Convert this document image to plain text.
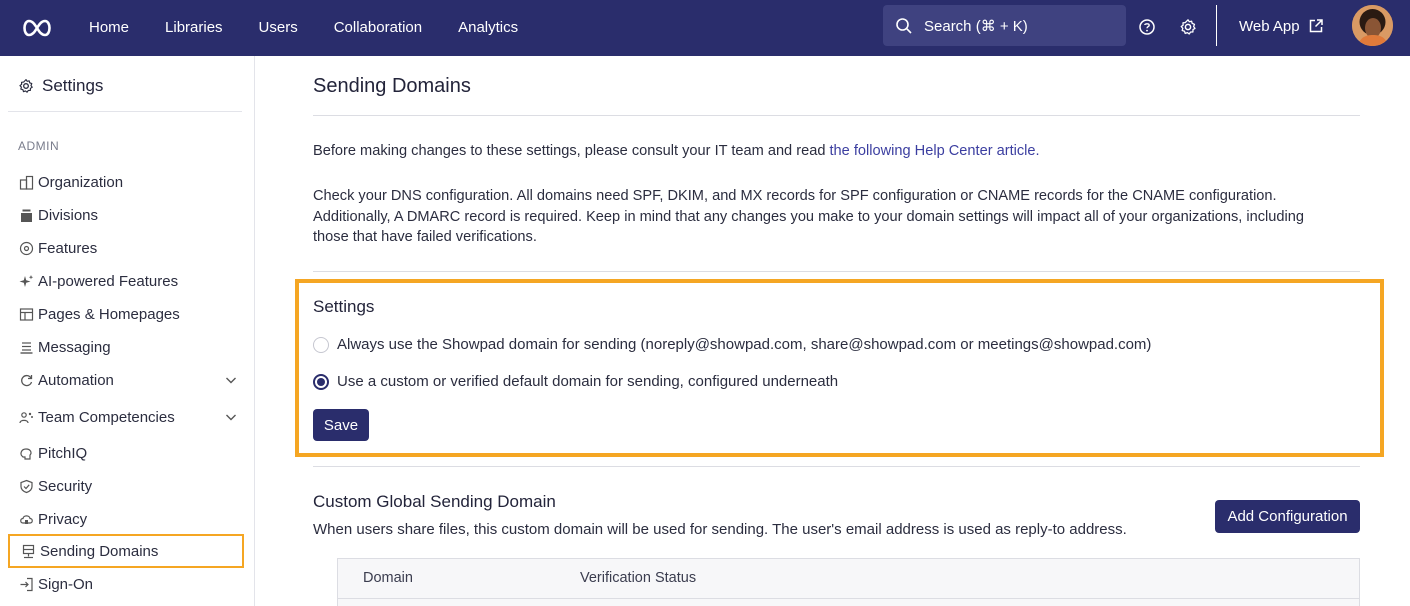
Home	Libraries	Users	Collaboration	Analytics	Search (⌘ + K)	Web App
Settings
ADMIN
Organization
Divisions
Features
AI-powered Features
Pages & Homepages
Messaging
Automation
Team Competencies
PitchIQ
Security
Privacy
Sending Domains
Sign-On
Sending Domains
Before making changes to these settings, please consult your IT team and read the following Help Center article.
Check your DNS configuration. All domains need SPF, DKIM, and MX records for SPF configuration or CNAME records for the CNAME configuration. Additionally, A DMARC record is required. Keep in mind that any changes you make to your domain settings will impact all of your organizations, including those that have failed verifications.
Settings
Always use the Showpad domain for sending (noreply@showpad.com, share@showpad.com or meetings@showpad.com)
Use a custom or verified default domain for sending, configured underneath
Save
Custom Global Sending Domain
When users share files, this custom domain will be used for sending. The user's email address is used as reply-to address.
Add Configuration
Domain	Verification Status
